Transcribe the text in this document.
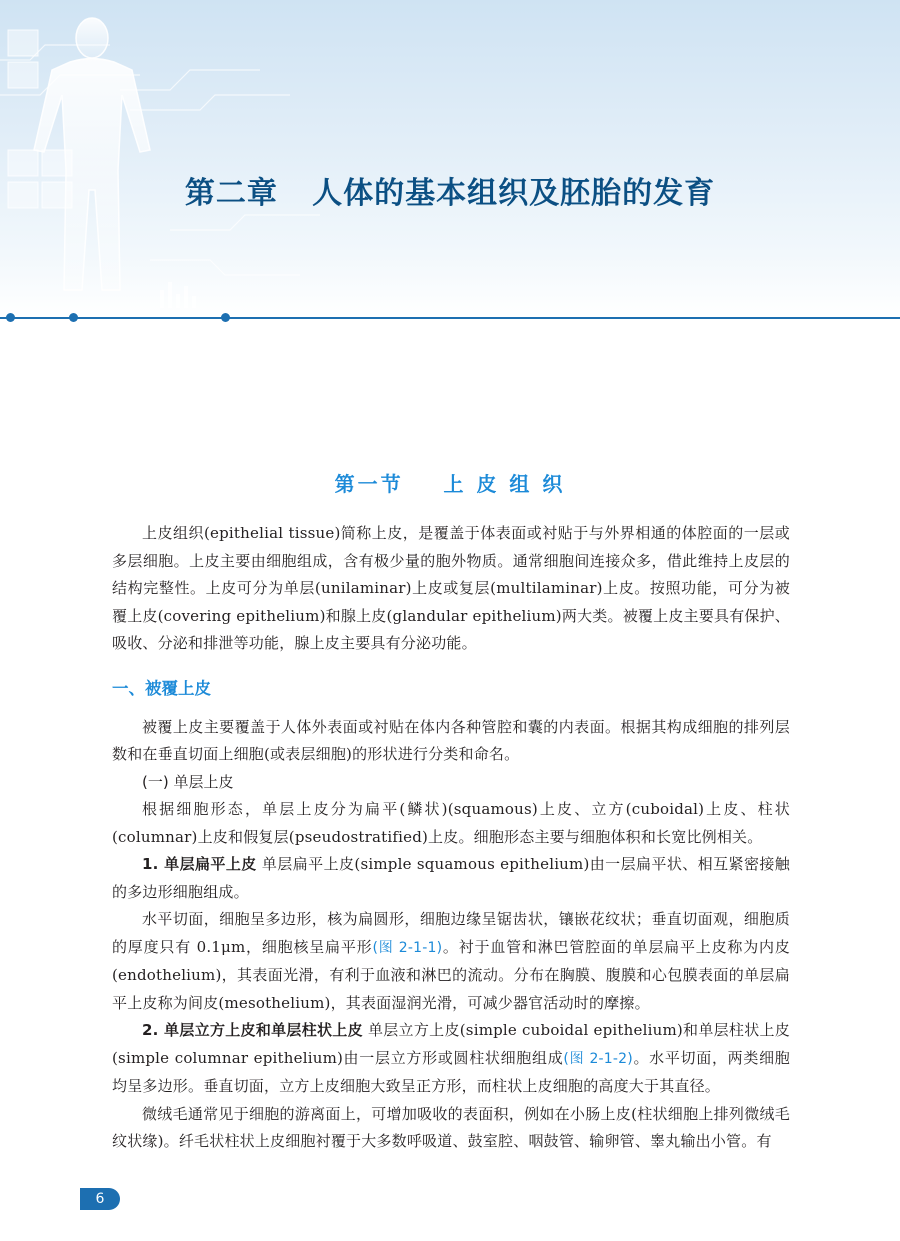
第二章   人体的基本组织及胚胎的发育
第一节    上 皮 组 织

上皮组织(epithelial tissue)简称上皮，是覆盖于体表面或衬贴于与外界相通的体腔面的一层或多层细胞。上皮主要由细胞组成，含有极少量的胞外物质。通常细胞间连接众多，借此维持上皮层的结构完整性。上皮可分为单层(unilaminar)上皮或复层(multilaminar)上皮。按照功能，可分为被覆上皮(covering epithelium)和腺上皮(glandular epithelium)两大类。被覆上皮主要具有保护、吸收、分泌和排泄等功能，腺上皮主要具有分泌功能。

一、被覆上皮

被覆上皮主要覆盖于人体外表面或衬贴在体内各种管腔和囊的内表面。根据其构成细胞的排列层数和在垂直切面上细胞(或表层细胞)的形状进行分类和命名。

(一) 单层上皮

根据细胞形态，单层上皮分为扁平(鳞状)(squamous)上皮、立方(cuboidal)上皮、柱状(columnar)上皮和假复层(pseudostratified)上皮。细胞形态主要与细胞体积和长宽比例相关。

1. 单层扁平上皮 单层扁平上皮(simple squamous epithelium)由一层扁平状、相互紧密接触的多边形细胞组成。

水平切面，细胞呈多边形，核为扁圆形，细胞边缘呈锯齿状，镶嵌花纹状；垂直切面观，细胞质的厚度只有 0.1μm，细胞核呈扁平形(图 2-1-1)。衬于血管和淋巴管腔面的单层扁平上皮称为内皮(endothelium)，其表面光滑，有利于血液和淋巴的流动。分布在胸膜、腹膜和心包膜表面的单层扁平上皮称为间皮(mesothelium)，其表面湿润光滑，可减少器官活动时的摩擦。

2. 单层立方上皮和单层柱状上皮 单层立方上皮(simple cuboidal epithelium)和单层柱状上皮(simple columnar epithelium)由一层立方形或圆柱状细胞组成(图 2-1-2)。水平切面，两类细胞均呈多边形。垂直切面，立方上皮细胞大致呈正方形，而柱状上皮细胞的高度大于其直径。

微绒毛通常见于细胞的游离面上，可增加吸收的表面积，例如在小肠上皮(柱状细胞上排列微绒毛纹状缘)。纤毛状柱状上皮细胞衬覆于大多数呼吸道、鼓室腔、咽鼓管、输卵管、睾丸输出小管。有

6
